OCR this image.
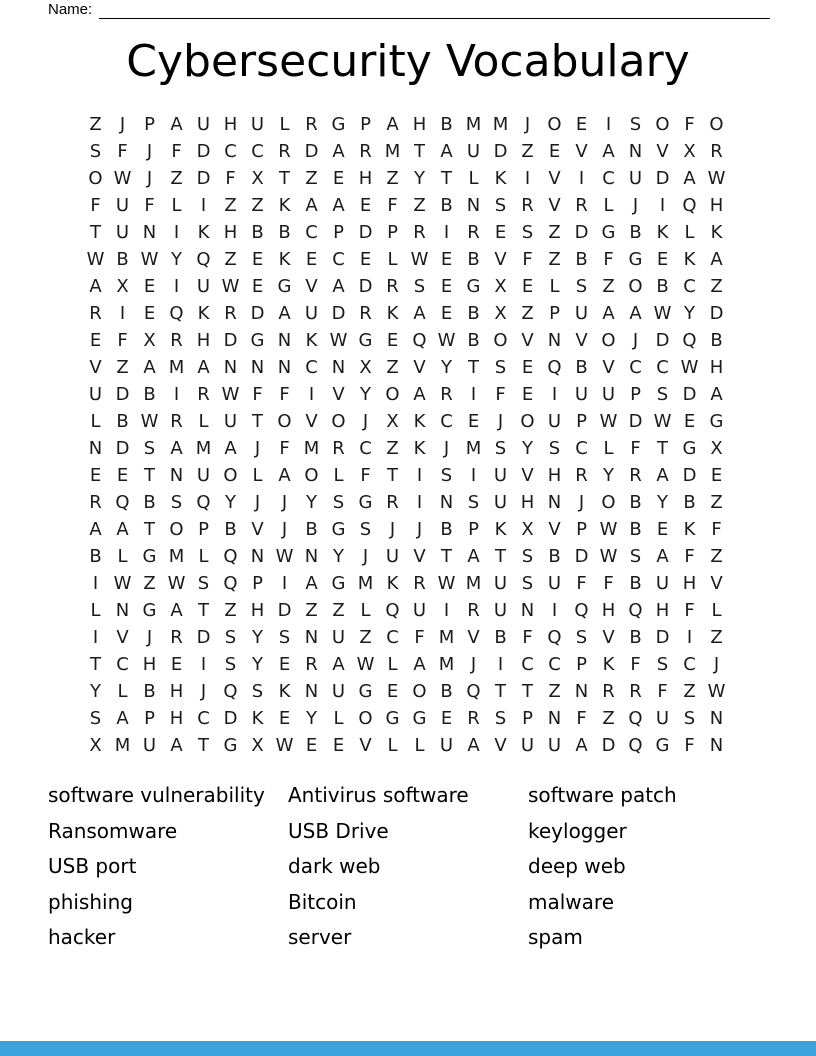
Name:
Cybersecurity Vocabulary
Z	J	P A U H U L R G P A H B M M J O E	I	S O F O
S F	J	F D C C R D A R M T A U D Z E V A N V X R
O W J	Z D F X T Z E H Z Y T L K	I	V	I	C U D A W
F U F L	I	Z Z K A A E F Z B N S R V R L	J	I Q H
T U N I	K H B B C P D P R	I	R E S Z D G B K L K
W B W Y Q Z E K E C E L W E B V F Z B F G E K A
A X E	I U W E G V A D R S E G X E L S Z O B C Z
R	I	E Q K R D A U D R K A E B X Z P U A A W Y D
E F X R H D G N K W G E Q W B O V N V O J D Q B
V Z A M A N N N C N X Z V Y T S E Q B V C C W H
U D B	I	R W F F	I	V Y O A R	I	F E	I U U P S D A
L B W R L U T O V O J	X K C E	J O U P W D W E G
N D S A M A	J	F M R C Z K	J M S Y S C L F T G X
E E T N U O L A O L F T	I	S	I U V H R Y R A D E
R Q B S Q Y	J	J	Y S G R	I N S U H N J O B Y B Z
A A T O P B V	J	B G S	J	J	B P K X V P W B E K F
B L G M L Q N W N Y	J U V T A T S B D W S A F Z
I W Z W S Q P	I	A G M K R W M U S U F F B U H V
L N G A T Z H D Z Z L Q U I	R U N I Q H Q H F L
I	V	J	R D S Y S N U Z C F M V B F Q S V B D I	Z
T C H E	I	S Y E R A W L A M J	I	C C P K F S C	J
Y L B H J Q S K N U G E O B Q T T Z N R R F Z W
S A P H C D K E Y L O G G E R S P N F Z Q U S N
X M U A T G X W E E V L L U A V U U A D Q G F N
software vulnerability
Ransomware
USB port
phishing
hacker
Antivirus software
USB Drive
dark web
Bitcoin
server
software patch
keylogger
deep web
malware
spam
